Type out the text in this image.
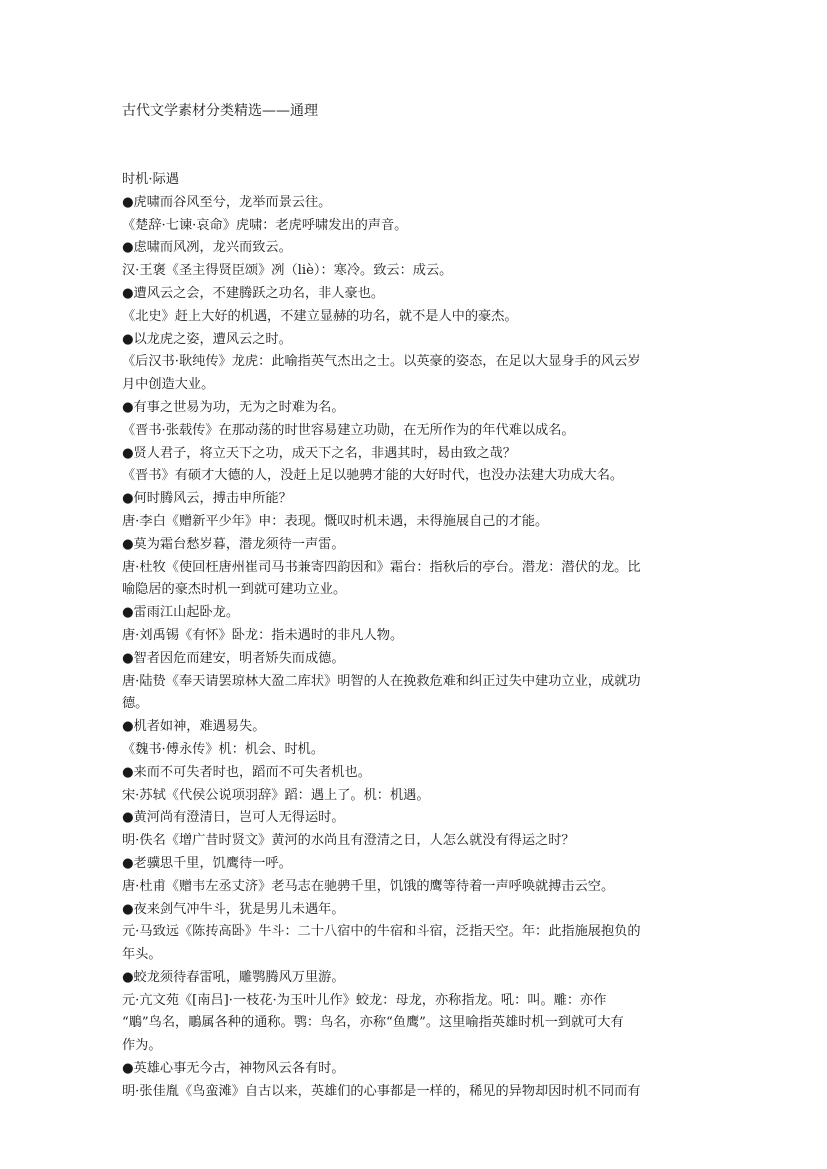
古代文学素材分类精选——通理

时机·际遇

●虎啸而谷风至兮，龙举而景云往。

《楚辞·七谏·哀命》虎啸：老虎呼啸发出的声音。

●虑啸而风冽，龙兴而致云。

汉·王褒《圣主得贤臣颂》冽（liè）：寒冷。致云：成云。

●遭风云之会，不建腾跃之功名，非人豪也。

《北史》赶上大好的机遇，不建立显赫的功名，就不是人中的豪杰。

●以龙虎之姿，遭风云之时。

《后汉书·耿纯传》龙虎：此喻指英气杰出之士。以英豪的姿态，在足以大显身手的风云岁

月中创造大业。

●有事之世易为功，无为之时难为名。

《晋书·张载传》在那动荡的时世容易建立功勋，在无所作为的年代难以成名。

●贤人君子，将立天下之功，成天下之名，非遇其时，曷由致之哉？

《晋书》有硕才大德的人，没赶上足以驰骋才能的大好时代，也没办法建大功成大名。

●何时腾风云，搏击申所能？

唐·李白《赠新平少年》申：表现。慨叹时机未遇，未得施展自己的才能。

●莫为霜台愁岁暮，潜龙须待一声雷。

唐·杜牧《使回枉唐州崔司马书兼寄四韵因和》霜台：指秋后的亭台。潜龙：潜伏的龙。比

喻隐居的豪杰时机一到就可建功立业。

●雷雨江山起卧龙。

唐·刘禹锡《有怀》卧龙：指未遇时的非凡人物。

●智者因危而建安，明者矫失而成德。

唐·陆贽《奉天请罢琼林大盈二库状》明智的人在挽救危难和纠正过失中建功立业，成就功

德。

●机者如神，难遇易失。

《魏书·傅永传》机：机会、时机。

●来而不可失者时也，蹈而不可失者机也。

宋·苏轼《代侯公说项羽辞》蹈：遇上了。机：机遇。

●黄河尚有澄清日，岂可人无得运时。

明·佚名《增广昔时贤文》黄河的水尚且有澄清之日，人怎么就没有得运之时？

●老骥思千里，饥鹰待一呼。

唐·杜甫《赠韦左丞丈济》老马志在驰骋千里，饥饿的鹰等待着一声呼唤就搏击云空。

●夜来剑气冲牛斗，犹是男儿未遇年。

元·马致远《陈抟高卧》牛斗：二十八宿中的牛宿和斗宿，泛指天空。年：此指施展抱负的

年头。

●蛟龙须待春雷吼，雕鹗腾风万里游。

元·亢文苑《[南吕]·一枝花·为玉叶儿作》蛟龙：母龙，亦称指龙。吼：叫。雕：亦作

“鵰”鸟名，鵰属各种的通称。鹗：鸟名，亦称“鱼鹰”。这里喻指英雄时机一到就可大有

作为。

●英雄心事无今古，神物风云各有时。

明·张佳胤《鸟蛮滩》自古以来，英雄们的心事都是一样的，稀见的异物却因时机不同而有
